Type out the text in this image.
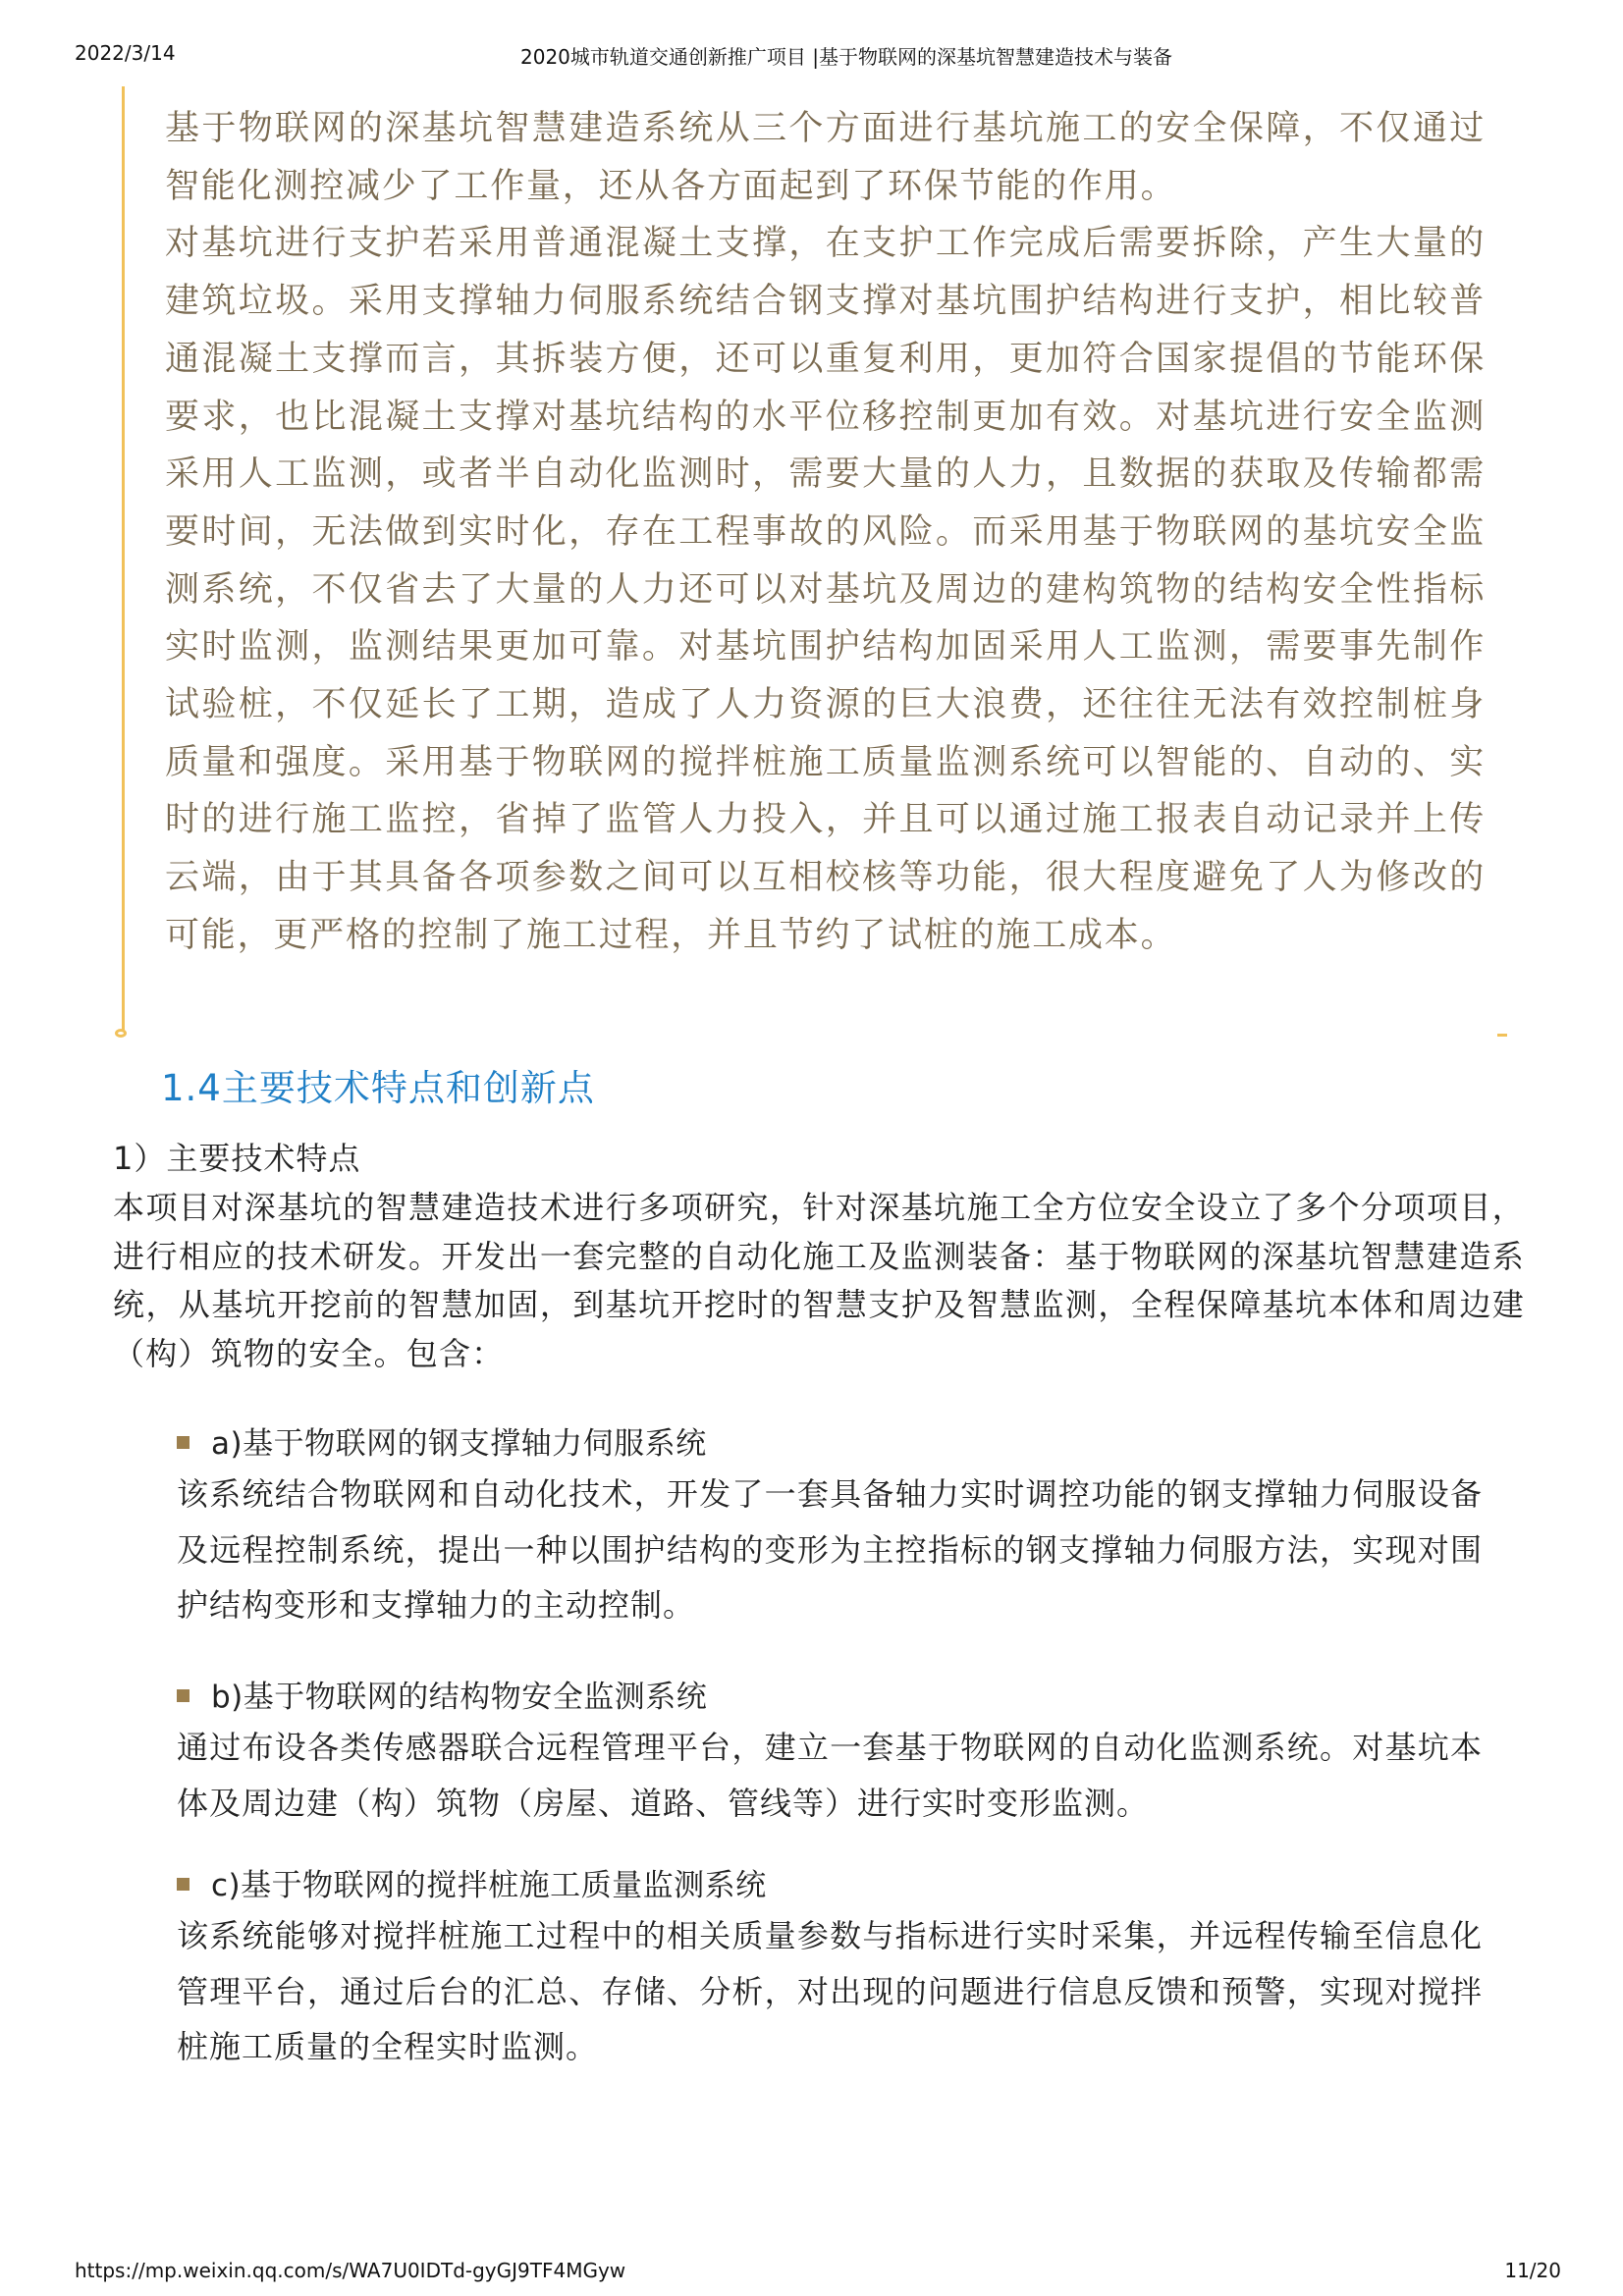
2022/3/14	2020城市轨道交通创新推广项目 |基于物联网的深基坑智慧建造技术与装备

基于物联网的深基坑智慧建造系统从三个方面进行基坑施工的安全保障，不仅通过智能化测控减少了工作量，还从各方面起到了环保节能的作用。

对基坑进行支护若采用普通混凝土支撑，在支护工作完成后需要拆除，产生大量的建筑垃圾。采用支撑轴力伺服系统结合钢支撑对基坑围护结构进行支护，相比较普通混凝土支撑而言，其拆装方便，还可以重复利用，更加符合国家提倡的节能环保要求，也比混凝土支撑对基坑结构的水平位移控制更加有效。对基坑进行安全监测采用人工监测，或者半自动化监测时，需要大量的人力，且数据的获取及传输都需要时间，无法做到实时化，存在工程事故的风险。而采用基于物联网的基坑安全监测系统，不仅省去了大量的人力还可以对基坑及周边的建构筑物的结构安全性指标实时监测，监测结果更加可靠。对基坑围护结构加固采用人工监测，需要事先制作试验桩，不仅延长了工期，造成了人力资源的巨大浪费，还往往无法有效控制桩身质量和强度。采用基于物联网的搅拌桩施工质量监测系统可以智能的、自动的、实时的进行施工监控，省掉了监管人力投入，并且可以通过施工报表自动记录并上传云端，由于其具备各项参数之间可以互相校核等功能，很大程度避免了人为修改的可能，更严格的控制了施工过程，并且节约了试桩的施工成本。

1.4主要技术特点和创新点
1）主要技术特点

本项目对深基坑的智慧建造技术进行多项研究，针对深基坑施工全方位安全设立了多个分项项目，进行相应的技术研发。开发出一套完整的自动化施工及监测装备：基于物联网的深基坑智慧建造系统，从基坑开挖前的智慧加固，到基坑开挖时的智慧支护及智慧监测，全程保障基坑本体和周边建（构）筑物的安全。包含：

a)基于物联网的钢支撑轴力伺服系统

该系统结合物联网和自动化技术，开发了一套具备轴力实时调控功能的钢支撑轴力伺服设备及远程控制系统，提出一种以围护结构的变形为主控指标的钢支撑轴力伺服方法，实现对围护结构变形和支撑轴力的主动控制。

b)基于物联网的结构物安全监测系统

通过布设各类传感器联合远程管理平台，建立一套基于物联网的自动化监测系统。对基坑本体及周边建（构）筑物（房屋、道路、管线等）进行实时变形监测。

c)基于物联网的搅拌桩施工质量监测系统

该系统能够对搅拌桩施工过程中的相关质量参数与指标进行实时采集，并远程传输至信息化管理平台，通过后台的汇总、存储、分析，对出现的问题进行信息反馈和预警，实现对搅拌桩施工质量的全程实时监测。

https://mp.weixin.qq.com/s/WA7U0IDTd-gyGJ9TF4MGyw	11/20
